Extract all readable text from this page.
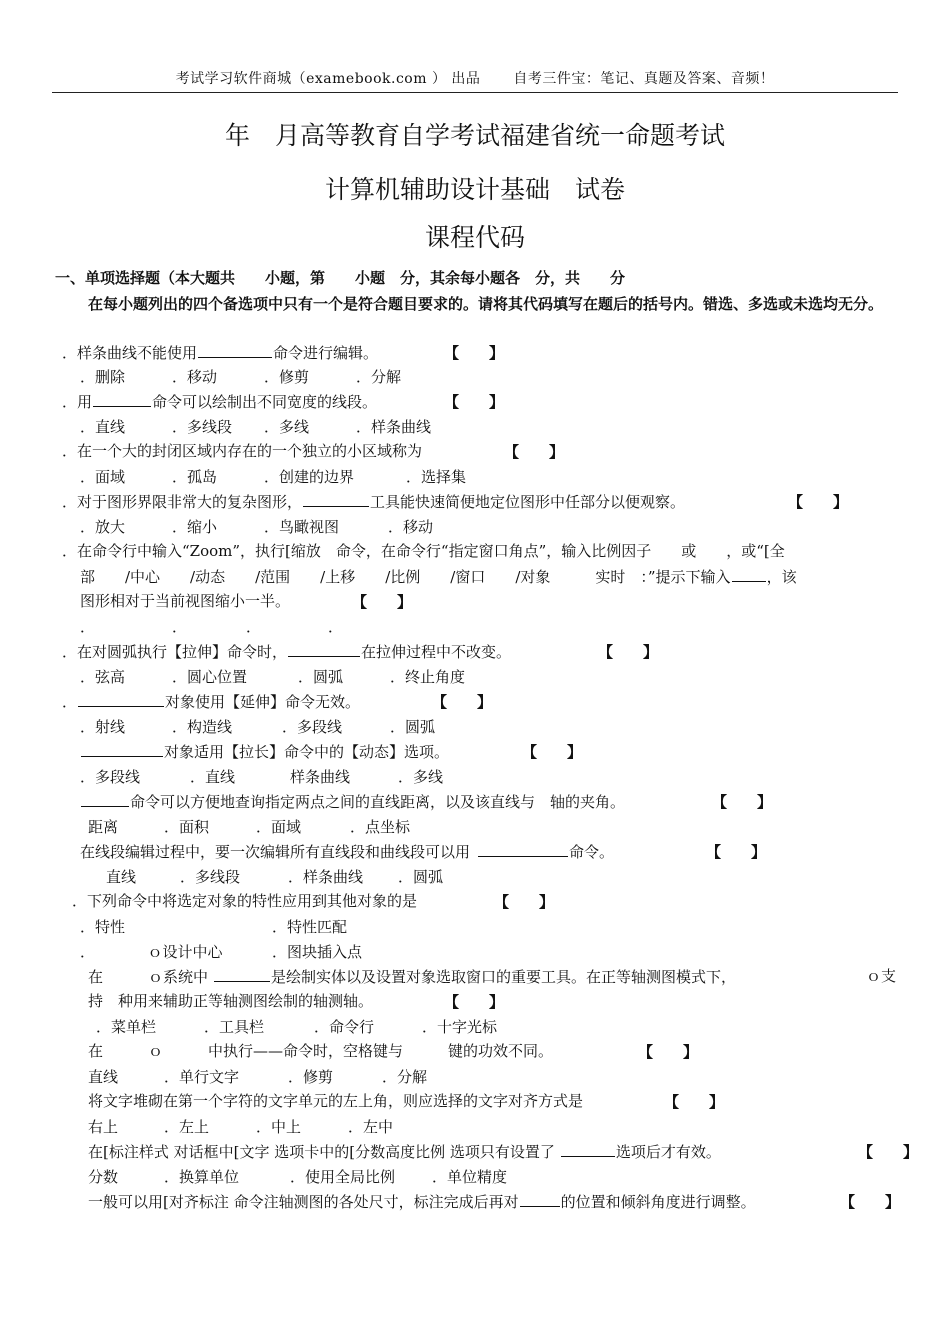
考试学习软件商城（examebook.com ） 出品 自考三件宝：笔记、真题及答案、音频！
年　月高等教育自学考试福建省统一命题考试
计算机辅助设计基础　试卷
课程代码
一、单项选择题（本大题共　　小题，第　　小题　分，其余每小题各　分，共　　分
在每小题列出的四个备选项中只有一个是符合题目要求的。请将其代码填写在题后的括号内。错选、多选或未选均无分。
．样条曲线不能使用	命令进行编辑。	【　　】
．删除	．移动	．修剪	．分解
．用	命令可以绘制出不同宽度的线段。	【　　】
．直线	．多线段 ．多线	．样条曲线
．在一个大的封闭区域内存在的一个独立的小区域称为	【　　】
．面域	．孤岛	．创建的边界	．选择集
．对于图形界限非常大的复杂图形，	工具能快速简便地定位图形中任部分以便观察。	【　　】
．放大	．缩小	．鸟瞰视图	．移动
．在命令行中输入“Zoom”，执行[缩放　命令，在命令行“指定窗口角点”，输入比例因子　　或　　，或“[全
部　　/中心　　/动态　　/范围　　/上移　　/比例　　/窗口　　/对象　　　实时　：”提示下输入 ，该
图形相对于当前视图缩小一半。	【　　】
．	．	．	．
．在对圆弧执行【拉伸】命令时，	在拉伸过程中不改变。	【　　】
．弦高	．圆心位置	．圆弧	．终止角度
．	对象使用【延伸】命令无效。	【　　】
．射线	．构造线	．多段线	．圆弧
对象适用【拉长】命令中的【动态】选项。	【　　】
．多段线	．直线	样条曲线	．多线
命令可以方便地查询指定两点之间的直线距离，以及该直线与　轴的夹角。	【　　】
距离	．面积	．面域	．点坐标
在线段编辑过程中，要一次编辑所有直线段和曲线段可以用	命令。	【　　】
直线	．多线段	．样条曲线 ．圆弧
．下列命令中将选定对象的特性应用到其他对象的是	【　　】
．特性	．特性匹配
．　　　　ｏ设计中心	．图块插入点
在　　　ｏ系统中	是绘制实体以及设置对象选取窗口的重要工具。在正等轴测图模式下，	ｏ支
持　种用来辅助正等轴测图绘制的轴测轴。	【　　】
．菜单栏	．工具栏	．命令行	．十字光标
在　　　ｏ　　　中执行——命令时，空格键与　　　键的功效不同。	【　　】
直线	．单行文字	．修剪	．分解
将文字堆砌在第一个字符的文字单元的左上角，则应选择的文字对齐方式是	【　　】
右上	．左上	．中上	．左中
在[标注样式 对话框中[文字 选项卡中的[分数高度比例 选项只有设置了	选项后才有效。	【　　】
分数	．换算单位	．使用全局比例 ．单位精度
一般可以用[对齐标注 命令注轴测图的各处尺寸，标注完成后再对	的位置和倾斜角度进行调整。	【　　】
